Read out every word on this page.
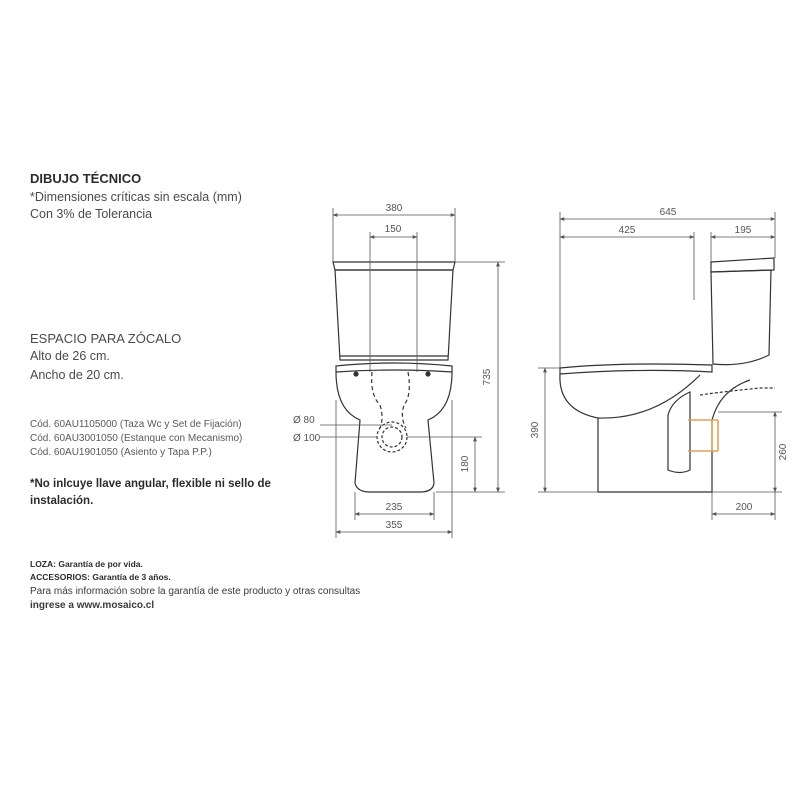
DIBUJO TÉCNICO
*Dimensiones críticas sin escala (mm)
Con 3% de Tolerancia
ESPACIO PARA ZÓCALO
Alto de 26 cm.
Ancho de 20 cm.
Cód. 60AU1105000 (Taza Wc y Set de Fijación)
Cód. 60AU3001050 (Estanque con Mecanismo)
Cód. 60AU1901050 (Asiento y Tapa P.P.)
*No inlcuye llave angular, flexible ni sello de instalación.
LOZA: Garantía de por vida.
ACCESORIOS: Garantía de 3 años.
Para más información sobre la garantía de este producto y otras consultas
ingrese a www.mosaico.cl
380
150
735
180
Ø 80
Ø 100
235
355
645
425	195
390
260
200
